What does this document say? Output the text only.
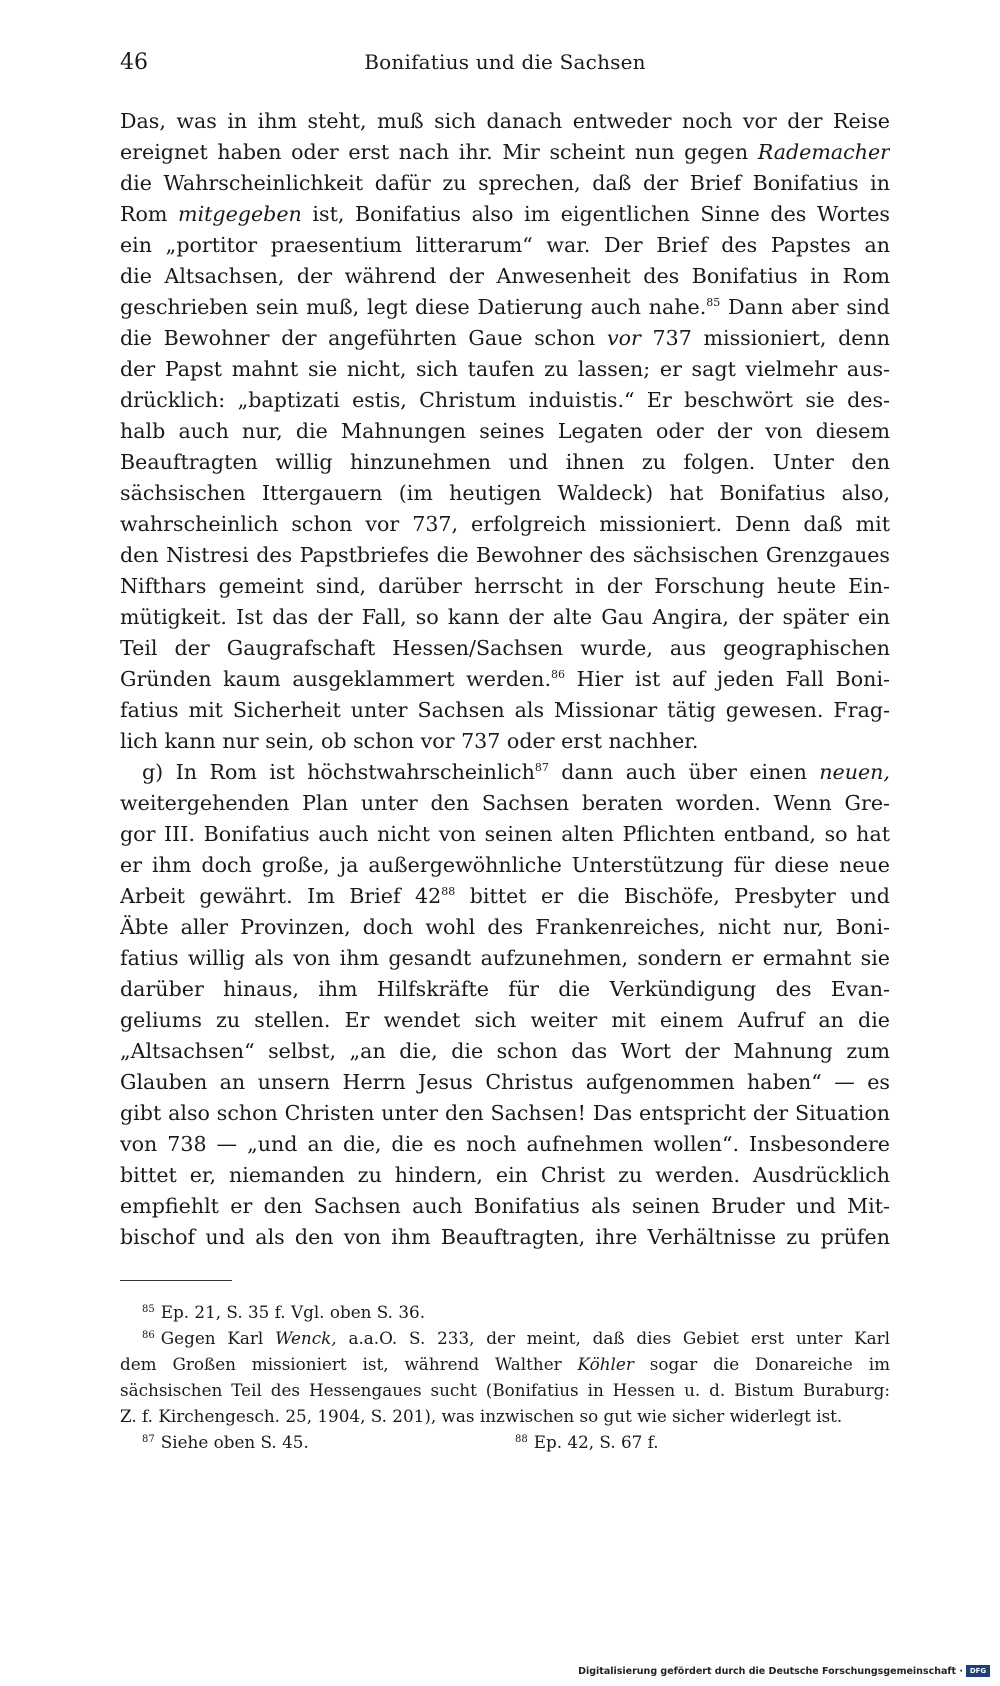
46	Bonifatius und die Sachsen
Das, was in ihm steht, muß sich danach entweder noch vor der Reise
ereignet haben oder erst nach ihr. Mir scheint nun gegen Rademacher
die Wahrscheinlichkeit dafür zu sprechen, daß der Brief Bonifatius in
Rom mitgegeben ist, Bonifatius also im eigentlichen Sinne des Wortes
ein „portitor praesentium litterarum“ war. Der Brief des Papstes an
die Altsachsen, der während der Anwesenheit des Bonifatius in Rom
geschrieben sein muß, legt diese Datierung auch nahe.$^{85}$ Dann aber sind
die Bewohner der angeführten Gaue schon vor 737 missioniert, denn
der Papst mahnt sie nicht, sich taufen zu lassen; er sagt vielmehr aus-
drücklich: „baptizati estis, Christum induistis.“ Er beschwört sie des-
halb auch nur, die Mahnungen seines Legaten oder der von diesem
Beauftragten willig hinzunehmen und ihnen zu folgen. Unter den
sächsischen Ittergauern (im heutigen Waldeck) hat Bonifatius also,
wahrscheinlich schon vor 737, erfolgreich missioniert. Denn daß mit
den Nistresi des Papstbriefes die Bewohner des sächsischen Grenzgaues
Nifthars gemeint sind, darüber herrscht in der Forschung heute Ein-
mütigkeit. Ist das der Fall, so kann der alte Gau Angira, der später ein
Teil der Gaugrafschaft Hessen/Sachsen wurde, aus geographischen
Gründen kaum ausgeklammert werden.$^{86}$ Hier ist auf jeden Fall Boni-
fatius mit Sicherheit unter Sachsen als Missionar tätig gewesen. Frag-
lich kann nur sein, ob schon vor 737 oder erst nachher.
g) In Rom ist höchstwahrscheinlich$^{87}$ dann auch über einen neuen,
weitergehenden Plan unter den Sachsen beraten worden. Wenn Gre-
gor III. Bonifatius auch nicht von seinen alten Pflichten entband, so hat
er ihm doch große, ja außergewöhnliche Unterstützung für diese neue
Arbeit gewährt. Im Brief $42^{88}$ bittet er die Bischöfe, Presbyter und
Äbte aller Provinzen, doch wohl des Frankenreiches, nicht nur, Boni-
fatius willig als von ihm gesandt aufzunehmen, sondern er ermahnt sie
darüber hinaus, ihm Hilfskräfte für die Verkündigung des Evan-
geliums zu stellen. Er wendet sich weiter mit einem Aufruf an die
„Altsachsen“ selbst, „an die, die schon das Wort der Mahnung zum
Glauben an unsern Herrn Jesus Christus aufgenommen haben“ — es
gibt also schon Christen unter den Sachsen! Das entspricht der Situation
von 738 — „und an die, die es noch aufnehmen wollen“. Insbesondere
bittet er, niemanden zu hindern, ein Christ zu werden. Ausdrücklich
empfiehlt er den Sachsen auch Bonifatius als seinen Bruder und Mit-
bischof und als den von ihm Beauftragten, ihre Verhältnisse zu prüfen
$^{85}$ Ep. 21, S. 35 f. Vgl. oben S. 36.
$^{86}$ Gegen Karl Wenck, a.a.O. S. 233, der meint, daß dies Gebiet erst unter Karl
dem Großen missioniert ist, während Walther Köhler sogar die Donareiche im
sächsischen Teil des Hessengaues sucht (Bonifatius in Hessen u. d. Bistum Buraburg:
Z. f. Kirchengesch. 25, 1904, S. 201), was inzwischen so gut wie sicher widerlegt ist.
$^{87}$ Siehe oben S. 45.	$^{88}$ Ep. 42, S. 67 f.
Digitalisierung gefördert durch die Deutsche Forschungsgemeinschaft · DFG
